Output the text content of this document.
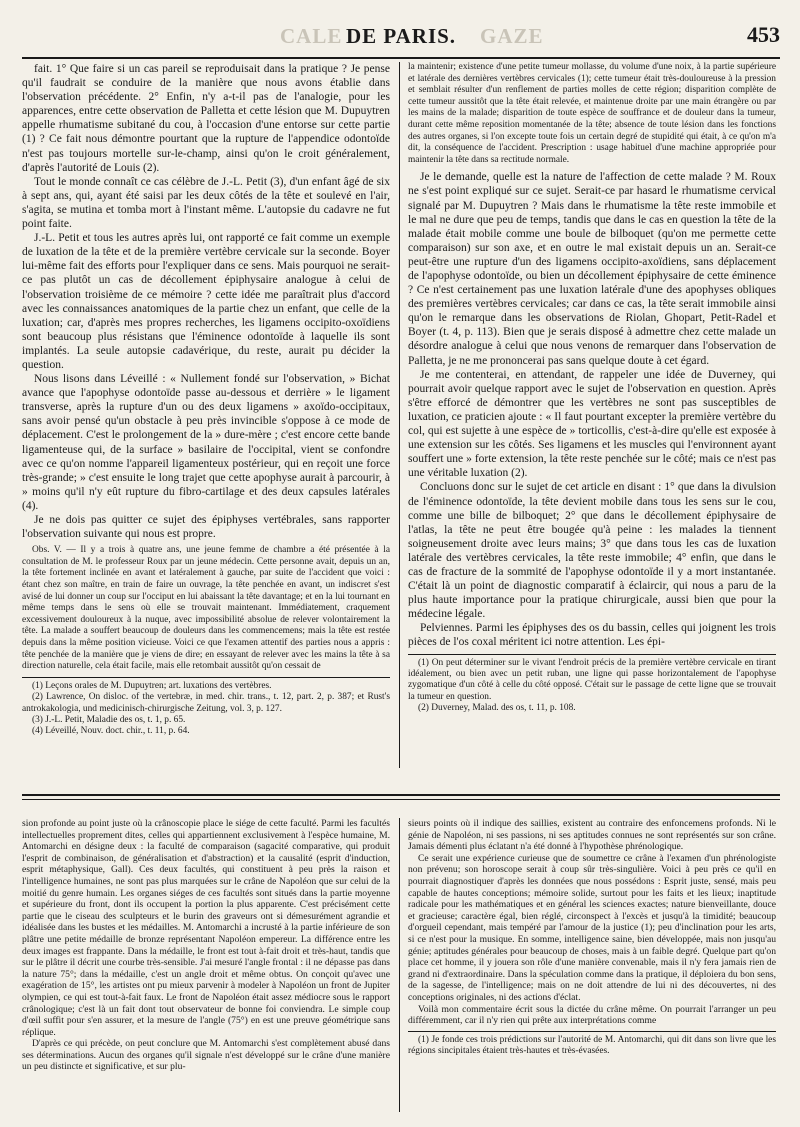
CALE	GAZE
DE PARIS.	453

fait. 1° Que faire si un cas pareil se reproduisait dans la pratique ? Je pense qu'il faudrait se conduire de la manière que nous avons établie dans l'observation précédente. 2° Enfin, n'y a-t-il pas de l'analogie, pour les apparences, entre cette observation de Palletta et cette lésion que M. Dupuytren appelle rhumatisme subitané du cou, à l'occasion d'une entorse sur cette partie (1) ? Ce fait nous démontre pourtant que la rupture de l'appendice odontoïde n'est pas toujours mortelle sur-le-champ, ainsi qu'on le croit généralement, d'après l'autorité de Louis (2).

Tout le monde connaît ce cas célèbre de J.-L. Petit (3), d'un enfant âgé de six à sept ans, qui, ayant été saisi par les deux côtés de la tête et soulevé en l'air, s'agita, se mutina et tomba mort à l'instant même. L'autopsie du cadavre ne fut point faite.

J.-L. Petit et tous les autres après lui, ont rapporté ce fait comme un exemple de luxation de la tête et de la première vertèbre cervicale sur la seconde. Boyer lui-même fait des efforts pour l'expliquer dans ce sens. Mais pourquoi ne serait-ce pas plutôt un cas de décollement épiphysaire analogue à celui de l'observation troisième de ce mémoire ? cette idée me paraîtrait plus d'accord avec les connaissances anatomiques de la partie chez un enfant, que celle de la luxation; car, d'après mes propres recherches, les ligamens occipito-oxoïdiens sont beaucoup plus résistans que l'éminence odontoïde à laquelle ils sont implantés. La seule autopsie cadavérique, du reste, aurait pu décider la question.

Nous lisons dans Léveillé : « Nullement fondé sur l'observation, » Bichat avance que l'apophyse odontoïde passe au-dessous et derrière » le ligament transverse, après la rupture d'un ou des deux ligamens » axoïdo-occipitaux, sans avoir pensé qu'un obstacle à peu près invincible s'oppose à ce mode de déplacement. C'est le prolongement de la » dure-mère ; c'est encore cette bande ligamenteuse qui, de la surface » basilaire de l'occipital, vient se confondre avec ce qu'on nomme l'appareil ligamenteux postérieur, qui en reçoit une force très-grande; » c'est ensuite le long trajet que cette apophyse aurait à parcourir, à » moins qu'il n'y eût rupture du fibro-cartilage et des deux capsules latérales (4).

Je ne dois pas quitter ce sujet des épiphyses vertébrales, sans rapporter l'observation suivante qui nous est propre.

Obs. V. — Il y a trois à quatre ans, une jeune femme de chambre a été présentée à la consultation de M. le professeur Roux par un jeune médecin. Cette personne avait, depuis un an, la tête fortement inclinée en avant et latéralement à gauche, par suite de l'accident que voici : étant chez son maître, en train de faire un ouvrage, la tête penchée en avant, un indiscret s'est avisé de lui donner un coup sur l'occiput en lui abaissant la tête davantage; et en la lui tournant en même temps dans le sens où elle se trouvait maintenant. Immédiatement, craquement excessivement douloureux à la nuque, avec impossibilité absolue de relever volontairement la tête. La malade a souffert beaucoup de douleurs dans les commencemens; mais la tête est restée depuis dans la même position vicieuse. Voici ce que l'examen attentif des parties nous a appris : tête penchée de la manière que je viens de dire; en essayant de relever avec les mains la tête à sa direction naturelle, cela était facile, mais elle retombait aussitôt qu'on cessait de

(1) Leçons orales de M. Dupuytren; art. luxations des vertèbres.

(2) Lawrence, On disloc. of the vertebræ, in med. chir. trans., t. 12, part. 2, p. 387; et Rust's antrokakologia, und medicinisch-chirurgische Zeitung, vol. 3, p. 127.

(3) J.-L. Petit, Maladie des os, t. 1, p. 65.

(4) Léveillé, Nouv. doct. chir., t. 11, p. 64.

la maintenir; existence d'une petite tumeur mollasse, du volume d'une noix, à la partie supérieure et latérale des dernières vertèbres cervicales (1); cette tumeur était très-douloureuse à la pression et semblait résulter d'un renflement de parties molles de cette région; disparition complète de cette tumeur aussitôt que la tête était relevée, et maintenue droite par une main étrangère ou par les mains de la malade; disparition de toute espèce de souffrance et de douleur dans la tumeur, durant cette même reposition momentanée de la tête; absence de toute lésion dans les fonctions des autres organes, si l'on excepte toute fois un certain degré de stupidité qui était, à ce qu'on m'a dit, la conséquence de l'accident. Prescription : usage habituel d'une machine appropriée pour maintenir la tête dans sa rectitude normale.

Je le demande, quelle est la nature de l'affection de cette malade ? M. Roux ne s'est point expliqué sur ce sujet. Serait-ce par hasard le rhumatisme cervical signalé par M. Dupuytren ? Mais dans le rhumatisme la tête reste immobile et le mal ne dure que peu de temps, tandis que dans le cas en question la tête de la malade était mobile comme une boule de bilboquet (qu'on me permette cette comparaison) sur son axe, et en outre le mal existait depuis un an. Serait-ce peut-être une rupture d'un des ligamens occipito-axoïdiens, sans déplacement de l'apophyse odontoïde, ou bien un décollement épiphysaire de cette éminence ? Ce n'est certainement pas une luxation latérale d'une des apophyses obliques des premières vertèbres cervicales; car dans ce cas, la tête serait immobile ainsi qu'on le remarque dans les observations de Riolan, Ghopart, Petit-Radel et Boyer (t. 4, p. 113). Bien que je serais disposé à admettre chez cette malade un désordre analogue à celui que nous venons de remarquer dans l'observation de Palletta, je ne me prononcerai pas sans quelque doute à cet égard.

Je me contenterai, en attendant, de rappeler une idée de Duverney, qui pourrait avoir quelque rapport avec le sujet de l'observation en question. Après s'être efforcé de démontrer que les vertèbres ne sont pas susceptibles de luxation, ce praticien ajoute : « Il faut pourtant excepter la première vertèbre du col, qui est sujette à une espèce de » torticollis, c'est-à-dire qu'elle est exposée à une extension sur les côtés. Ses ligamens et les muscles qui l'environnent ayant souffert une » forte extension, la tête reste penchée sur le côté; mais ce n'est pas une véritable luxation (2).

Concluons donc sur le sujet de cet article en disant : 1° que dans la divulsion de l'éminence odontoïde, la tête devient mobile dans tous les sens sur le cou, comme une bille de bilboquet; 2° que dans le décollement épiphysaire de l'atlas, la tête ne peut être bougée qu'à peine : les malades la tiennent soigneusement droite avec leurs mains; 3° que dans tous les cas de luxation latérale des vertèbres cervicales, la tête reste immobile; 4° enfin, que dans le cas de fracture de la sommité de l'apophyse odontoïde il y a mort instantanée. C'était là un point de diagnostic comparatif à éclaircir, qui nous a paru de la plus haute importance pour la pratique chirurgicale, aussi bien que pour la médecine légale.

Pelviennes. Parmi les épiphyses des os du bassin, celles qui joignent les trois pièces de l'os coxal méritent ici notre attention. Les épi-

(1) On peut déterminer sur le vivant l'endroit précis de la première vertèbre cervicale en tirant idéalement, ou bien avec un petit ruban, une ligne qui passe horizontalement de l'apophyse zygomatique d'un côté à celle du côté opposé. C'était sur le passage de cette ligne que se trouvait la tumeur en question.

(2) Duverney, Malad. des os, t. 11, p. 108.

sion profonde au point juste où la crânoscopie place le siége de cette faculté. Parmi les facultés intellectuelles proprement dites, celles qui appartiennent exclusivement à l'espèce humaine, M. Antomarchi en désigne deux : la faculté de comparaison (sagacité comparative, qui produit l'esprit de combinaison, de généralisation et d'abstraction) et la causalité (esprit d'induction, esprit métaphysique, Gall). Ces deux facultés, qui constituent à peu près la raison et l'intelligence humaines, ne sont pas plus marquées sur le crâne de Napoléon que sur celui de la moitié du genre humain. Les organes siéges de ces facultés sont situés dans la partie moyenne et supérieure du front, dont ils occupent la portion la plus apparente. C'est précisément cette partie que le ciseau des sculpteurs et le burin des graveurs ont si démesurément agrandie et idéalisée dans les bustes et les médailles. M. Antomarchi a incrusté à la partie inférieure de son plâtre une petite médaille de bronze représentant Napoléon empereur. La différence entre les deux images est frappante. Dans la médaille, le front est tout à-fait droit et très-haut, tandis que sur le plâtre il décrit une courbe très-sensible. J'ai mesuré l'angle frontal : il ne dépasse pas dans la nature 75°; dans la médaille, c'est un angle droit et même obtus. On conçoit qu'avec une exagération de 15°, les artistes ont pu mieux parvenir à modeler à Napoléon un front de Jupiter olympien, ce qui est tout-à-fait faux. Le front de Napoléon était assez médiocre sous le rapport crânologique; c'est là un fait dont tout observateur de bonne foi conviendra. Le simple coup d'œil suffit pour s'en assurer, et la mesure de l'angle (75°) en est une preuve géométrique sans réplique.

D'après ce qui précède, on peut conclure que M. Antomarchi s'est complètement abusé dans ses déterminations. Aucun des organes qu'il signale n'est développé sur le crâne d'une manière un peu distincte et significative, et sur plu-

sieurs points où il indique des saillies, existent au contraire des enfoncemens profonds. Ni le génie de Napoléon, ni ses passions, ni ses aptitudes connues ne sont représentés sur son crâne. Jamais démenti plus éclatant n'a été donné à l'hypothèse phrénologique.

Ce serait une expérience curieuse que de soumettre ce crâne à l'examen d'un phrénologiste non prévenu; son horoscope serait à coup sûr très-singulière. Voici à peu près ce qu'il en pourrait diagnostiquer d'après les données que nous possédons : Esprit juste, sensé, mais peu capable de hautes conceptions; mémoire solide, surtout pour les faits et les lieux; inaptitude radicale pour les mathématiques et en général les sciences exactes; nature bienveillante, douce et gracieuse; caractère égal, bien réglé, circonspect à l'excès et jusqu'à la timidité; beaucoup d'orgueil cependant, mais tempéré par l'amour de la justice (1); peu d'inclination pour les arts, si ce n'est pour la musique. En somme, intelligence saine, bien développée, mais non jusqu'au génie; aptitudes générales pour beaucoup de choses, mais à un faible degré. Quelque part qu'on place cet homme, il y jouera son rôle d'une manière convenable, mais il n'y fera jamais rien de grand ni d'extraordinaire. Dans la spéculation comme dans la pratique, il déploiera du bon sens, de la sagesse, de l'intelligence; mais on ne doit attendre de lui ni des découvertes, ni des conceptions originales, ni des actions d'éclat.

Voilà mon commentaire écrit sous la dictée du crâne même. On pourrait l'arranger un peu différemment, car il n'y rien qui prête aux interprétations comme

(1) Je fonde ces trois prédictions sur l'autorité de M. Antomarchi, qui dit dans son livre que les régions sincipitales étaient très-hautes et très-évasées.
